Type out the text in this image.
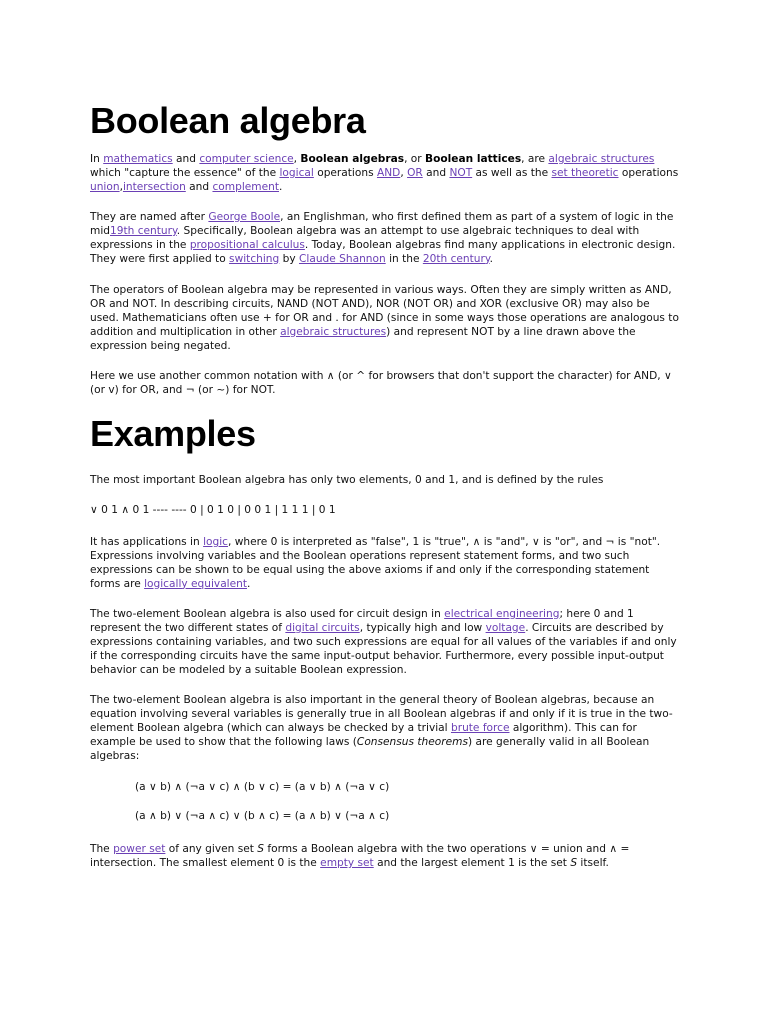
Boolean algebra

In mathematics and computer science, Boolean algebras, or Boolean lattices, are algebraic structures which "capture the essence" of the logical operations AND, OR and NOT as well as the set theoretic operations union,intersection and complement.

They are named after George Boole, an Englishman, who first defined them as part of a system of logic in the mid19th century. Specifically, Boolean algebra was an attempt to use algebraic techniques to deal with expressions in the propositional calculus. Today, Boolean algebras find many applications in electronic design. They were first applied to switching by Claude Shannon in the 20th century.

The operators of Boolean algebra may be represented in various ways. Often they are simply written as AND, OR and NOT. In describing circuits, NAND (NOT AND), NOR (NOT OR) and XOR (exclusive OR) may also be used. Mathematicians often use + for OR and . for AND (since in some ways those operations are analogous to addition and multiplication in other algebraic structures) and represent NOT by a line drawn above the expression being negated.

Here we use another common notation with ∧ (or ^ for browsers that don't support the character) for AND, ∨ (or v) for OR, and ¬ (or ~) for NOT.

Examples

The most important Boolean algebra has only two elements, 0 and 1, and is defined by the rules

∨ 0 1 ∧ 0 1 ---- ---- 0 | 0 1 0 | 0 0 1 | 1 1 1 | 0 1

It has applications in logic, where 0 is interpreted as "false", 1 is "true", ∧ is "and", ∨ is "or", and ¬ is "not". Expressions involving variables and the Boolean operations represent statement forms, and two such expressions can be shown to be equal using the above axioms if and only if the corresponding statement forms are logically equivalent.

The two-element Boolean algebra is also used for circuit design in electrical engineering; here 0 and 1 represent the two different states of digital circuits, typically high and low voltage. Circuits are described by expressions containing variables, and two such expressions are equal for all values of the variables if and only if the corresponding circuits have the same input-output behavior. Furthermore, every possible input-output behavior can be modeled by a suitable Boolean expression.

The two-element Boolean algebra is also important in the general theory of Boolean algebras, because an equation involving several variables is generally true in all Boolean algebras if and only if it is true in the two-element Boolean algebra (which can always be checked by a trivial brute force algorithm). This can for example be used to show that the following laws (Consensus theorems) are generally valid in all Boolean algebras:

(a ∨ b) ∧ (¬a ∨ c) ∧ (b ∨ c) = (a ∨ b) ∧ (¬a ∨ c)

(a ∧ b) ∨ (¬a ∧ c) ∨ (b ∧ c) = (a ∧ b) ∨ (¬a ∧ c)

The power set of any given set S forms a Boolean algebra with the two operations ∨ = union and ∧ = intersection. The smallest element 0 is the empty set and the largest element 1 is the set S itself.
